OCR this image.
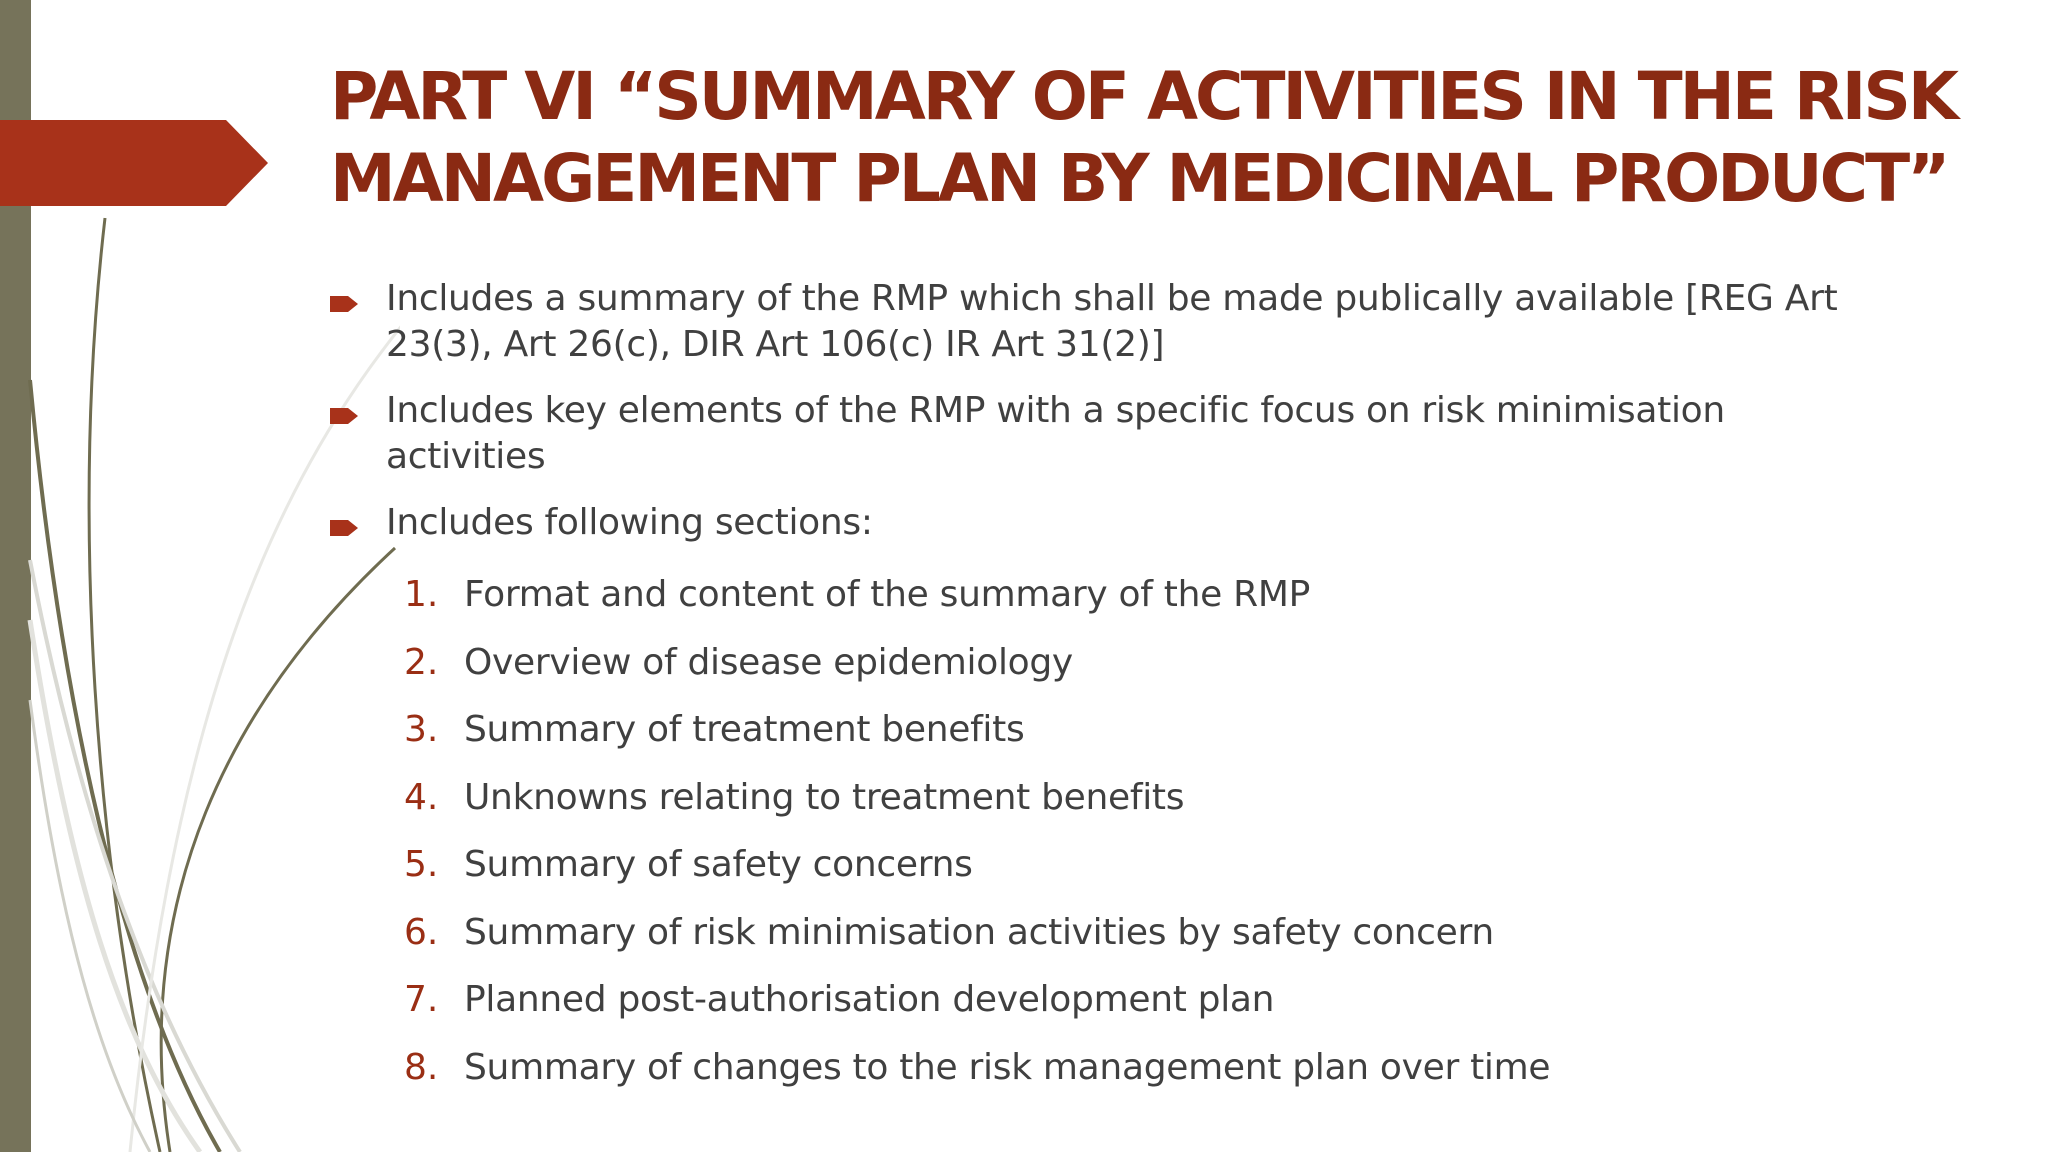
PART VI “SUMMARY OF ACTIVITIES IN THE RISK
MANAGEMENT PLAN BY MEDICINAL PRODUCT”
Includes a summary of the RMP which shall be made publically available [REG Art
23(3), Art 26(c), DIR Art 106(c) IR Art 31(2)]
Includes key elements of the RMP with a specific focus on risk minimisation
activities
Includes following sections:
1. Format and content of the summary of the RMP
2. Overview of disease epidemiology
3. Summary of treatment benefits
4. Unknowns relating to treatment benefits
5. Summary of safety concerns
6. Summary of risk minimisation activities by safety concern
7. Planned post-authorisation development plan
8. Summary of changes to the risk management plan over time
